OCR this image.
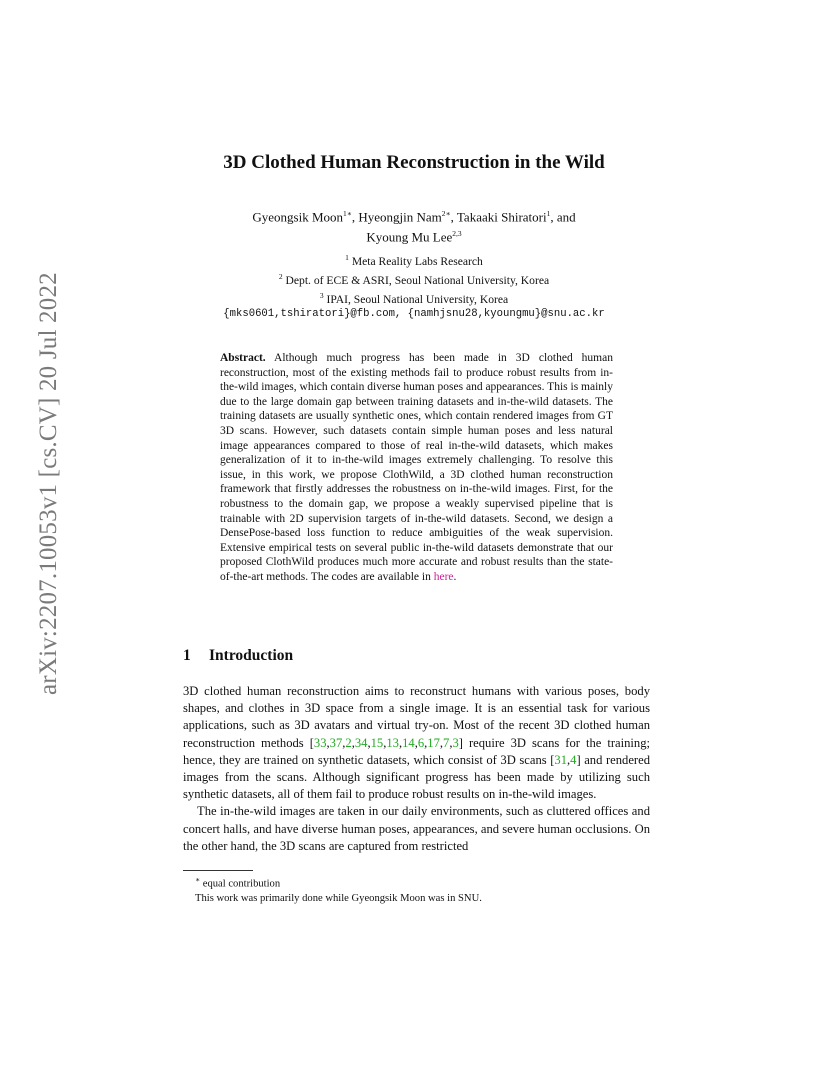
arXiv:2207.10053v1 [cs.CV] 20 Jul 2022
3D Clothed Human Reconstruction in the Wild
Gyeongsik Moon$^{1∗}$, Hyeongjin Nam$^{2∗}$, Takaaki Shiratori$^1$, and
Kyoung Mu Lee$^{2,3}$
$^1$ Meta Reality Labs Research
$^2$ Dept. of ECE & ASRI, Seoul National University, Korea
$^3$ IPAI, Seoul National University, Korea
{mks0601,tshiratori}@fb.com, {namhjsnu28,kyoungmu}@snu.ac.kr
Abstract. Although much progress has been made in 3D clothed human reconstruction, most of the existing methods fail to produce robust results from in-the-wild images, which contain diverse human poses and appearances. This is mainly due to the large domain gap between training datasets and in-the-wild datasets. The training datasets are usually synthetic ones, which contain rendered images from GT 3D scans. However, such datasets contain simple human poses and less natural image appearances compared to those of real in-the-wild datasets, which makes generalization of it to in-the-wild images extremely challenging. To resolve this issue, in this work, we propose ClothWild, a 3D clothed human reconstruction framework that firstly addresses the robustness on in-the-wild images. First, for the robustness to the domain gap, we propose a weakly supervised pipeline that is trainable with 2D supervision targets of in-the-wild datasets. Second, we design a DensePose-based loss function to reduce ambiguities of the weak supervision. Extensive empirical tests on several public in-the-wild datasets demonstrate that our proposed ClothWild produces much more accurate and robust results than the state-of-the-art methods. The codes are available in here.
1 Introduction

3D clothed human reconstruction aims to reconstruct humans with various poses, body shapes, and clothes in 3D space from a single image. It is an essential task for various applications, such as 3D avatars and virtual try-on. Most of the recent 3D clothed human reconstruction methods [33,37,2,34,15,13,14,6,17,7,3] require 3D scans for the training; hence, they are trained on synthetic datasets, which consist of 3D scans [31,4] and rendered images from the scans. Although significant progress has been made by utilizing such synthetic datasets, all of them fail to produce robust results on in-the-wild images.

The in-the-wild images are taken in our daily environments, such as cluttered offices and concert halls, and have diverse human poses, appearances, and severe human occlusions. On the other hand, the 3D scans are captured from restricted

∗ equal contribution
This work was primarily done while Gyeongsik Moon was in SNU.
